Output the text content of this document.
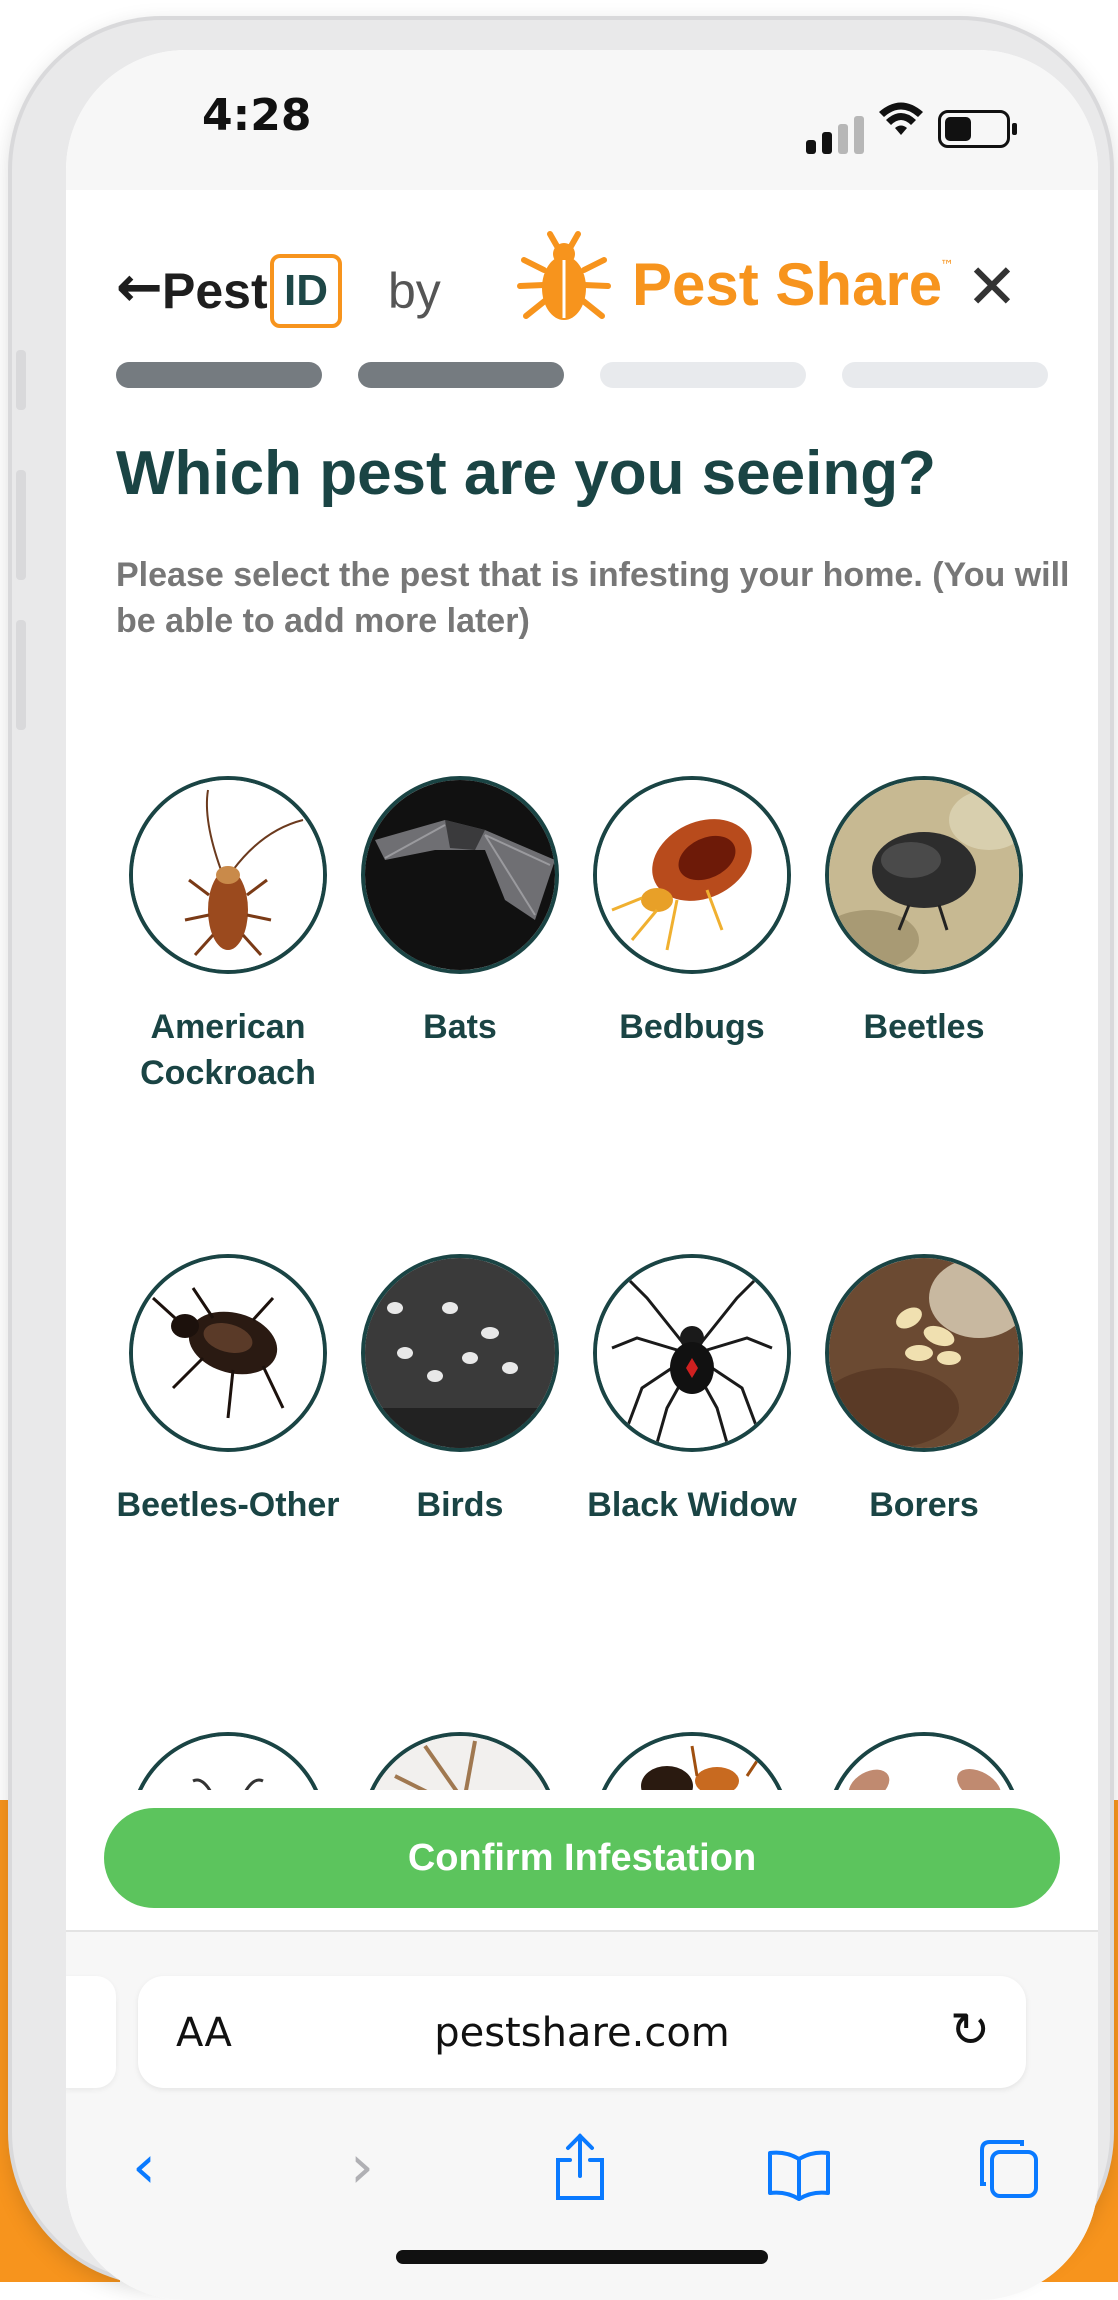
4:28
← Pest ID by	Pest Share
™ ✕
Which pest are you seeing?
Please select the pest that is infesting your home. (You will be able to add more later)
American Cockroach
Bats	Bedbugs	Beetles
Beetles-Other	Birds	Black Widow	Borers
Confirm Infestation
AA	pestshare.com	↻
‹	›
